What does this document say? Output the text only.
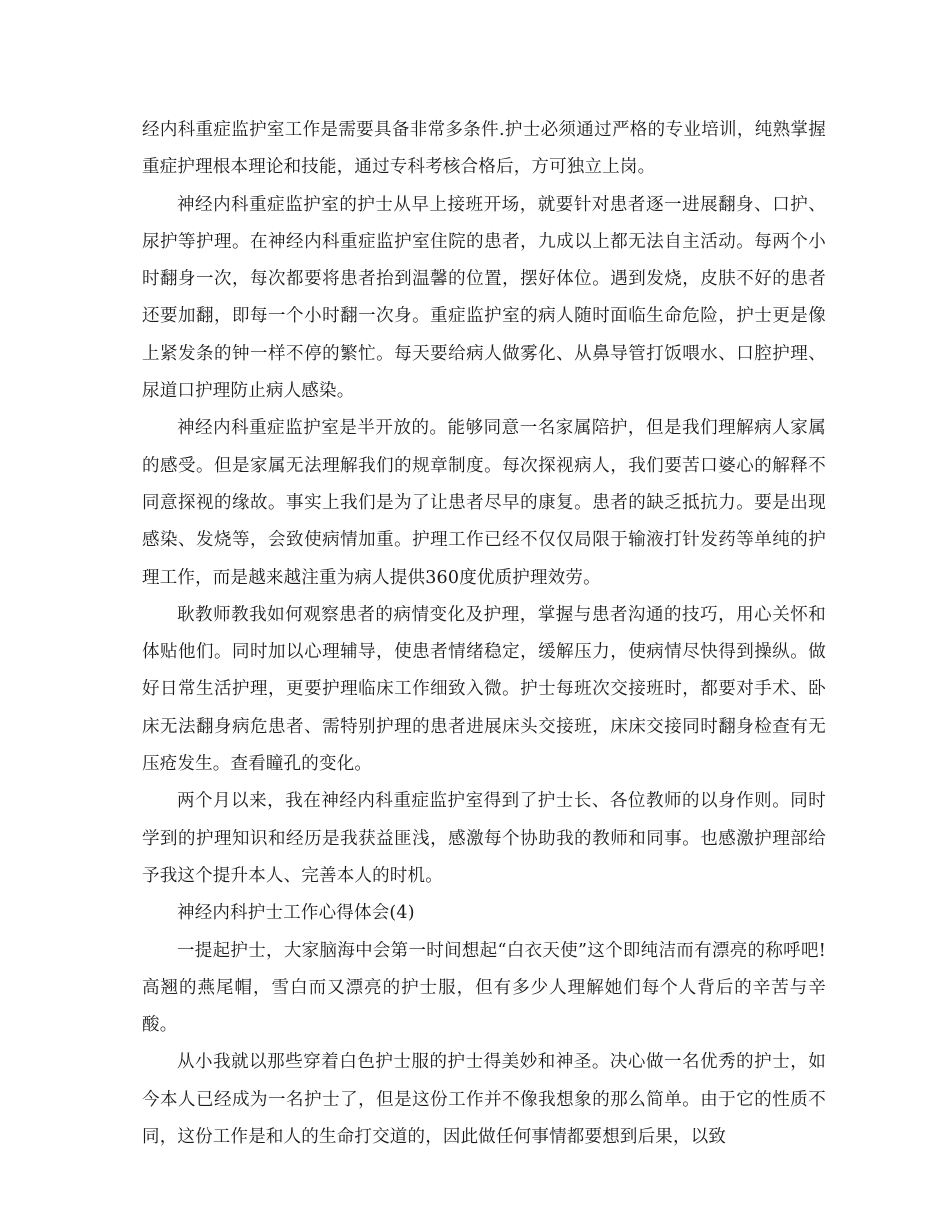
经内科重症监护室工作是需要具备非常多条件.护士必须通过严格的专业培训，纯熟掌握重症护理根本理论和技能，通过专科考核合格后，方可独立上岗。

神经内科重症监护室的护士从早上接班开场，就要针对患者逐一进展翻身、口护、尿护等护理。在神经内科重症监护室住院的患者，九成以上都无法自主活动。每两个小时翻身一次，每次都要将患者抬到温馨的位置，摆好体位。遇到发烧，皮肤不好的患者还要加翻，即每一个小时翻一次身。重症监护室的病人随时面临生命危险，护士更是像上紧发条的钟一样不停的繁忙。每天要给病人做雾化、从鼻导管打饭喂水、口腔护理、尿道口护理防止病人感染。

神经内科重症监护室是半开放的。能够同意一名家属陪护，但是我们理解病人家属的感受。但是家属无法理解我们的规章制度。每次探视病人，我们要苦口婆心的解释不同意探视的缘故。事实上我们是为了让患者尽早的康复。患者的缺乏抵抗力。要是出现感染、发烧等，会致使病情加重。护理工作已经不仅仅局限于输液打针发药等单纯的护理工作，而是越来越注重为病人提供360度优质护理效劳。

耿教师教我如何观察患者的病情变化及护理，掌握与患者沟通的技巧，用心关怀和体贴他们。同时加以心理辅导，使患者情绪稳定，缓解压力，使病情尽快得到操纵。做好日常生活护理，更要护理临床工作细致入微。护士每班次交接班时，都要对手术、卧床无法翻身病危患者、需特别护理的患者进展床头交接班，床床交接同时翻身检查有无压疮发生。查看瞳孔的变化。

两个月以来，我在神经内科重症监护室得到了护士长、各位教师的以身作则。同时学到的护理知识和经历是我获益匪浅，感激每个协助我的教师和同事。也感激护理部给予我这个提升本人、完善本人的时机。

神经内科护士工作心得体会(4)

一提起护士，大家脑海中会第一时间想起“白衣天使”这个即纯洁而有漂亮的称呼吧!高翘的燕尾帽，雪白而又漂亮的护士服，但有多少人理解她们每个人背后的辛苦与辛酸。

从小我就以那些穿着白色护士服的护士得美妙和神圣。决心做一名优秀的护士，如今本人已经成为一名护士了，但是这份工作并不像我想象的那么简单。由于它的性质不同，这份工作是和人的生命打交道的，因此做任何事情都要想到后果，以致
